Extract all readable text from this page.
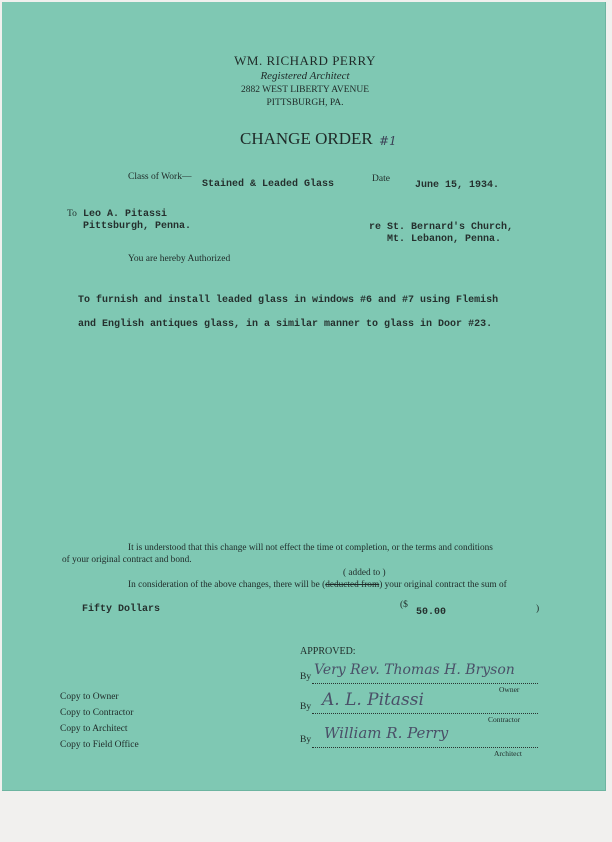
WM. RICHARD PERRY
Registered Architect
2882 WEST LIBERTY AVENUE
PITTSBURGH, PA.
CHANGE ORDER #1
Class of Work—
Stained & Leaded Glass	Date
June 15, 1934.
To Leo A. Pitassi
Pittsburgh, Penna.	re St. Bernard's Church,
Mt. Lebanon, Penna.
You are hereby Authorized
To furnish and install leaded glass in windows #6 and #7 using Flemish
and English antiques glass, in a similar manner to glass in Door #23.
It is understood that this change will not effect the time ot completion, or the terms and conditions
of your original contract and bond.
( added to )
In consideration of the above changes, there will be (deducted from) your original contract the sum of
Fifty Dollars	($
50.00	)
APPROVED:
By Very Rev. Thomas H. Bryson
Owner
By A. L. Pitassi
Contractor
By William R. Perry
Architect
Copy to Owner
Copy to Contractor
Copy to Architect
Copy to Field Office
